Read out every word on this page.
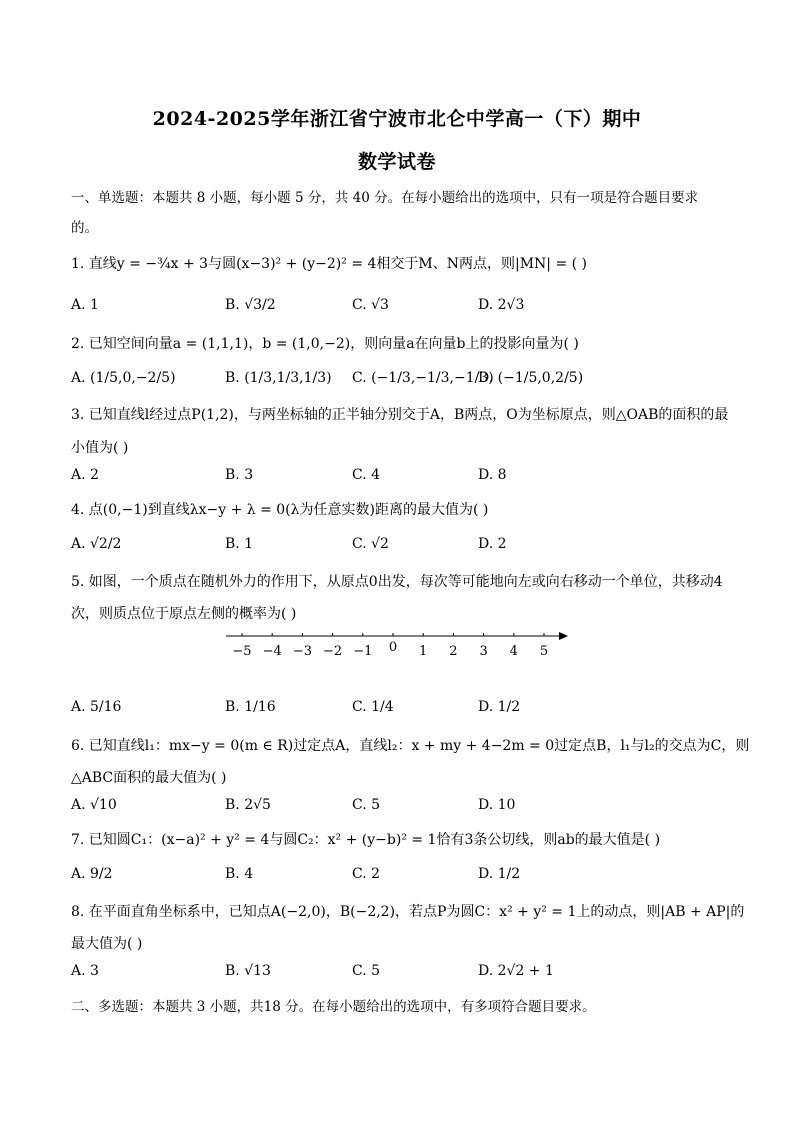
2024-2025学年浙江省宁波市北仑中学高一（下）期中
数学试卷
一、单选题：本题共 8 小题，每小题 5 分，共 40 分。在每小题给出的选项中，只有一项是符合题目要求
的。
1. 直线y = −¾x + 3与圆(x−3)² + (y−2)² = 4相交于M、N两点，则|MN| = ( )
A. 1	B. √3/2	C. √3	D. 2√3
2. 已知空间向量a = (1,1,1)，b = (1,0,−2)，则向量a在向量b上的投影向量为( )
A. (1/5,0,−2/5)	B. (1/3,1/3,1/3) C. (−1/3,−1/3,−1/3)
D. (−1/5,0,2/5)
3. 已知直线l经过点P(1,2)，与两坐标轴的正半轴分别交于A，B两点，O为坐标原点，则△OAB的面积的最
小值为( )
A. 2	B. 3	C. 4	D. 8
4. 点(0,−1)到直线λx−y + λ = 0(λ为任意实数)距离的最大值为( )
A. √2/2	B. 1	C. √2	D. 2
5. 如图，一个质点在随机外力的作用下，从原点0出发，每次等可能地向左或向右移动一个单位，共移动4
次，则质点位于原点左侧的概率为( )
−5 −4 −3 −2 −1 0 1 2 3 4 5
A. 5/16	B. 1/16	C. 1/4	D. 1/2
6. 已知直线l₁：mx−y = 0(m ∈ R)过定点A，直线l₂：x + my + 4−2m = 0过定点B，l₁与l₂的交点为C，则
△ABC面积的最大值为( )
A. √10	B. 2√5	C. 5	D. 10
7. 已知圆C₁：(x−a)² + y² = 4与圆C₂：x² + (y−b)² = 1恰有3条公切线，则ab的最大值是( )
A. 9/2	B. 4	C. 2	D. 1/2
8. 在平面直角坐标系中，已知点A(−2,0)，B(−2,2)，若点P为圆C：x² + y² = 1上的动点，则|AB + AP|的
最大值为( )
A. 3	B. √13	C. 5	D. 2√2 + 1
二、多选题：本题共 3 小题，共18 分。在每小题给出的选项中，有多项符合题目要求。
